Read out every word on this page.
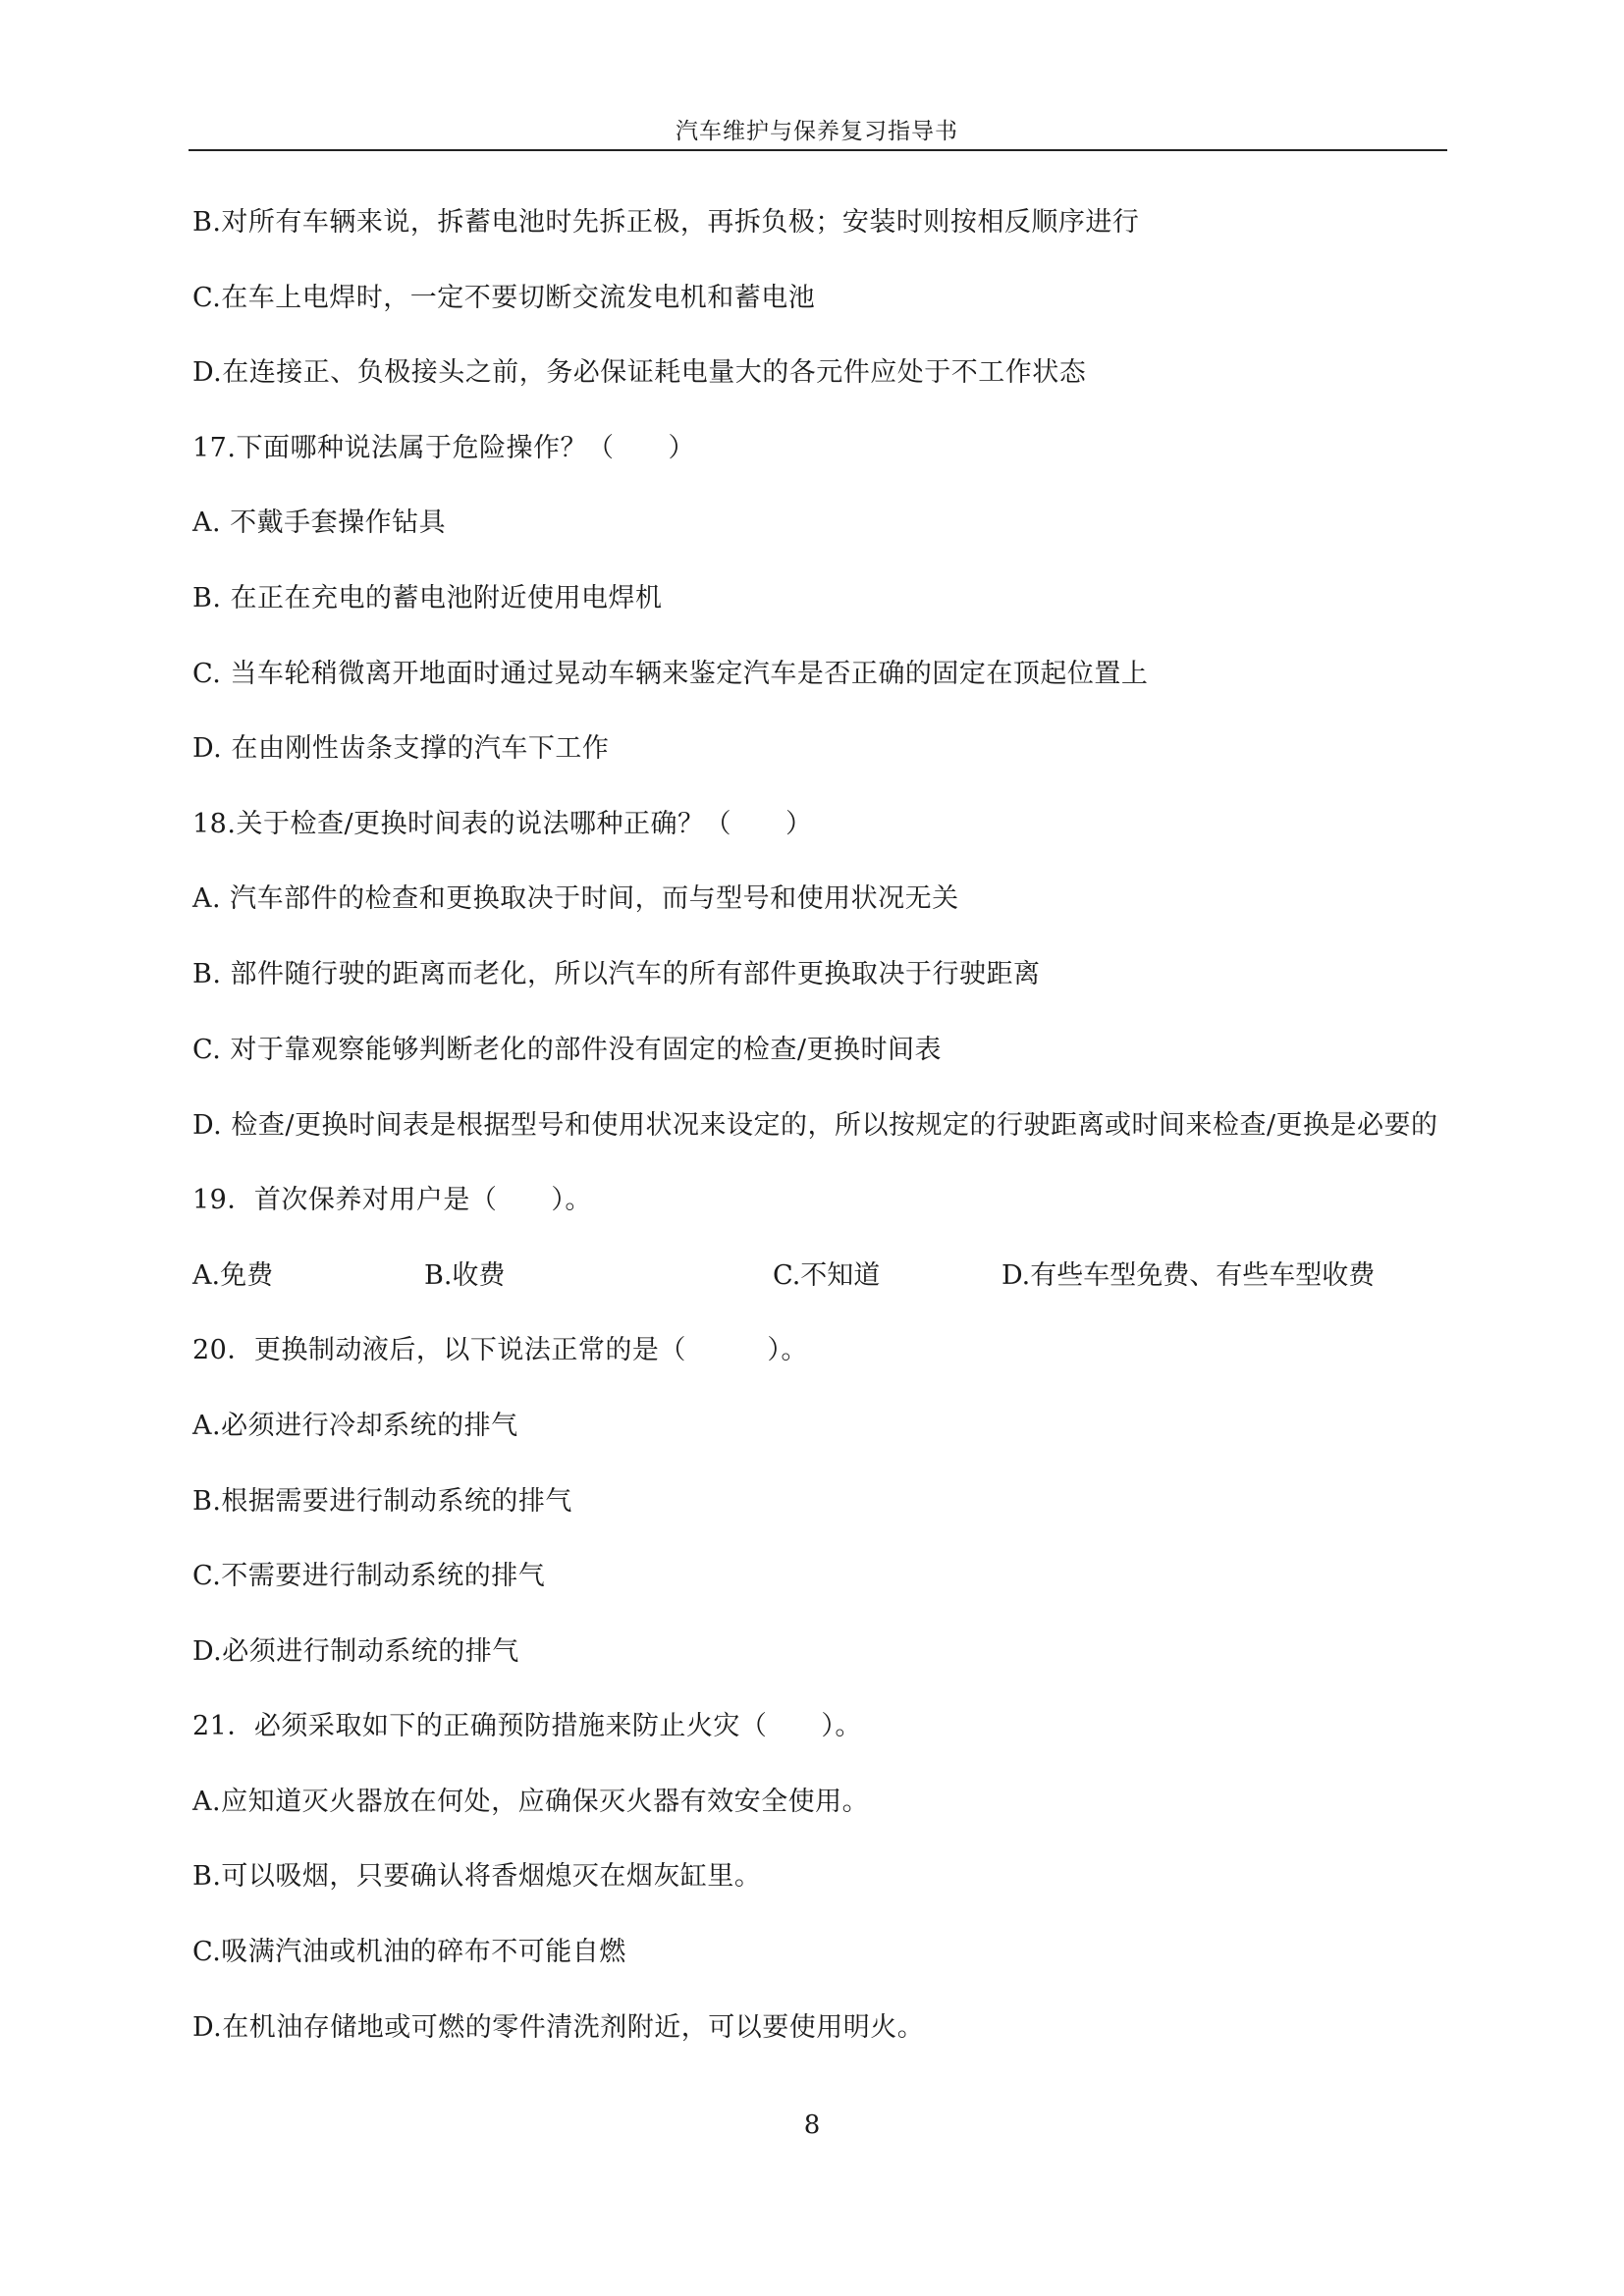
汽车维护与保养复习指导书
B.对所有车辆来说，拆蓄电池时先拆正极，再拆负极；安装时则按相反顺序进行
C.在车上电焊时，一定不要切断交流发电机和蓄电池
D.在连接正、负极接头之前，务必保证耗电量大的各元件应处于不工作状态
17.下面哪种说法属于危险操作？（　　）
A. 不戴手套操作钻具
B. 在正在充电的蓄电池附近使用电焊机
C. 当车轮稍微离开地面时通过晃动车辆来鉴定汽车是否正确的固定在顶起位置上
D. 在由刚性齿条支撑的汽车下工作
18.关于检查/更换时间表的说法哪种正确？（　　）
A. 汽车部件的检查和更换取决于时间，而与型号和使用状况无关
B. 部件随行驶的距离而老化，所以汽车的所有部件更换取决于行驶距离
C. 对于靠观察能够判断老化的部件没有固定的检查/更换时间表
D. 检查/更换时间表是根据型号和使用状况来设定的，所以按规定的行驶距离或时间来检查/更换是必要的
19．首次保养对用户是（　　）。
A.免费	B.收费	C.不知道	D.有些车型免费、有些车型收费
20．更换制动液后，以下说法正常的是（　　　）。
A.必须进行冷却系统的排气
B.根据需要进行制动系统的排气
C.不需要进行制动系统的排气
D.必须进行制动系统的排气
21．必须采取如下的正确预防措施来防止火灾（　　）。
A.应知道灭火器放在何处，应确保灭火器有效安全使用。
B.可以吸烟，只要确认将香烟熄灭在烟灰缸里。
C.吸满汽油或机油的碎布不可能自燃
D.在机油存储地或可燃的零件清洗剂附近，可以要使用明火。
8
